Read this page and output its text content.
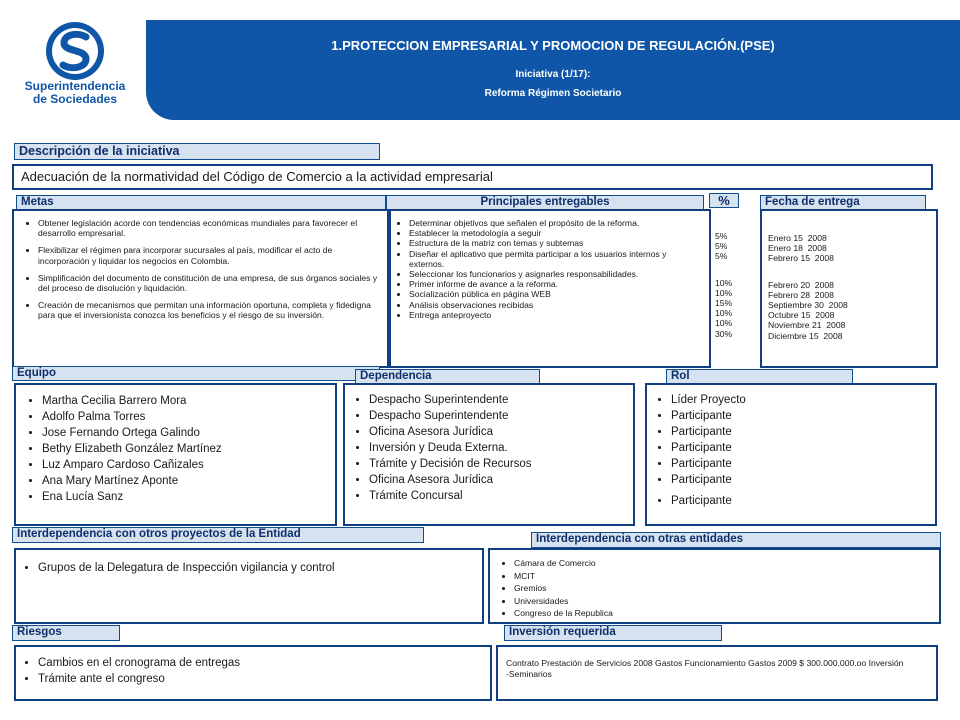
Superintendencia
de Sociedades
1.PROTECCION EMPRESARIAL Y PROMOCION DE REGULACIÓN.(PSE)
Iniciativa (1/17):
Reforma Régimen Societario
Descripción de la iniciativa
Adecuación de la normatividad del Código de Comercio a la actividad empresarial
Metas	Principales entregables	%	Fecha de entrega
• Obtener legislación acorde con tendencias económicas mundiales para favorecer el desarrollo empresarial.
• Flexibilizar el régimen para incorporar sucursales al país, modificar el acto de incorporación y liquidar los negocios en Colombia.
• Simplificación del documento de constitución de una empresa, de sus órganos sociales y del proceso de disolución y liquidación.
• Creación de mecanismos que permitan una información oportuna, completa y fidedigna para que el inversionista conozca los beneficios y el riesgo de su inversión.
• Determinar objetivos que señalen el propósito de la reforma.
• Establecer la metodología a seguir
• Estructura de la matriz con temas y subtemas
• Diseñar el aplicativo que permita participar a los usuarios internos y externos.
• Seleccionar los funcionarios y asignarles responsabilidades.
• Primer informe de avance a la reforma.
• Socialización pública en página WEB
• Análisis observaciones recibidas
• Entrega anteproyecto
5%
5%
5%
10%
10%
15%
10%
10%
30%
Enero 15  2008
Enero 18  2008
Febrero 15  2008
Febrero 20  2008
Febrero 28  2008
Septiembre 30  2008
Octubre 15  2008
Noviembre 21  2008
Diciembre 15  2008
Equipo	Dependencia	Rol
• Martha Cecilia Barrero Mora
• Adolfo Palma Torres
• Jose Fernando Ortega Galindo
• Bethy Elizabeth González Martínez
• Luz Amparo Cardoso Cañizales
• Ana Mary Martínez Aponte
• Ena Lucía Sanz
• Despacho Superintendente
• Despacho Superintendente
• Oficina Asesora Jurídica
• Inversión y Deuda Externa.
• Trámite y Decisión de Recursos
• Oficina Asesora Jurídica
• Trámite Concursal
• Líder Proyecto
• Participante
• Participante
• Participante
• Participante
• Participante
• Participante
Interdependencia con otros proyectos de la Entidad	Interdependencia con otras entidades
• Grupos de la Delegatura de Inspección vigilancia y control
•	Cámara de Comercio
• MCIT
• Gremios
• Universidades
• Congreso de la Republica
Riesgos	Inversión requerida
• Cambios en el cronograma de entregas
• Trámite ante el congreso
Contrato Prestación de Servicios 2008 Gastos Funcionamiento Gastos 2009 $ 300.000.000.oo Inversión -Seminarios
